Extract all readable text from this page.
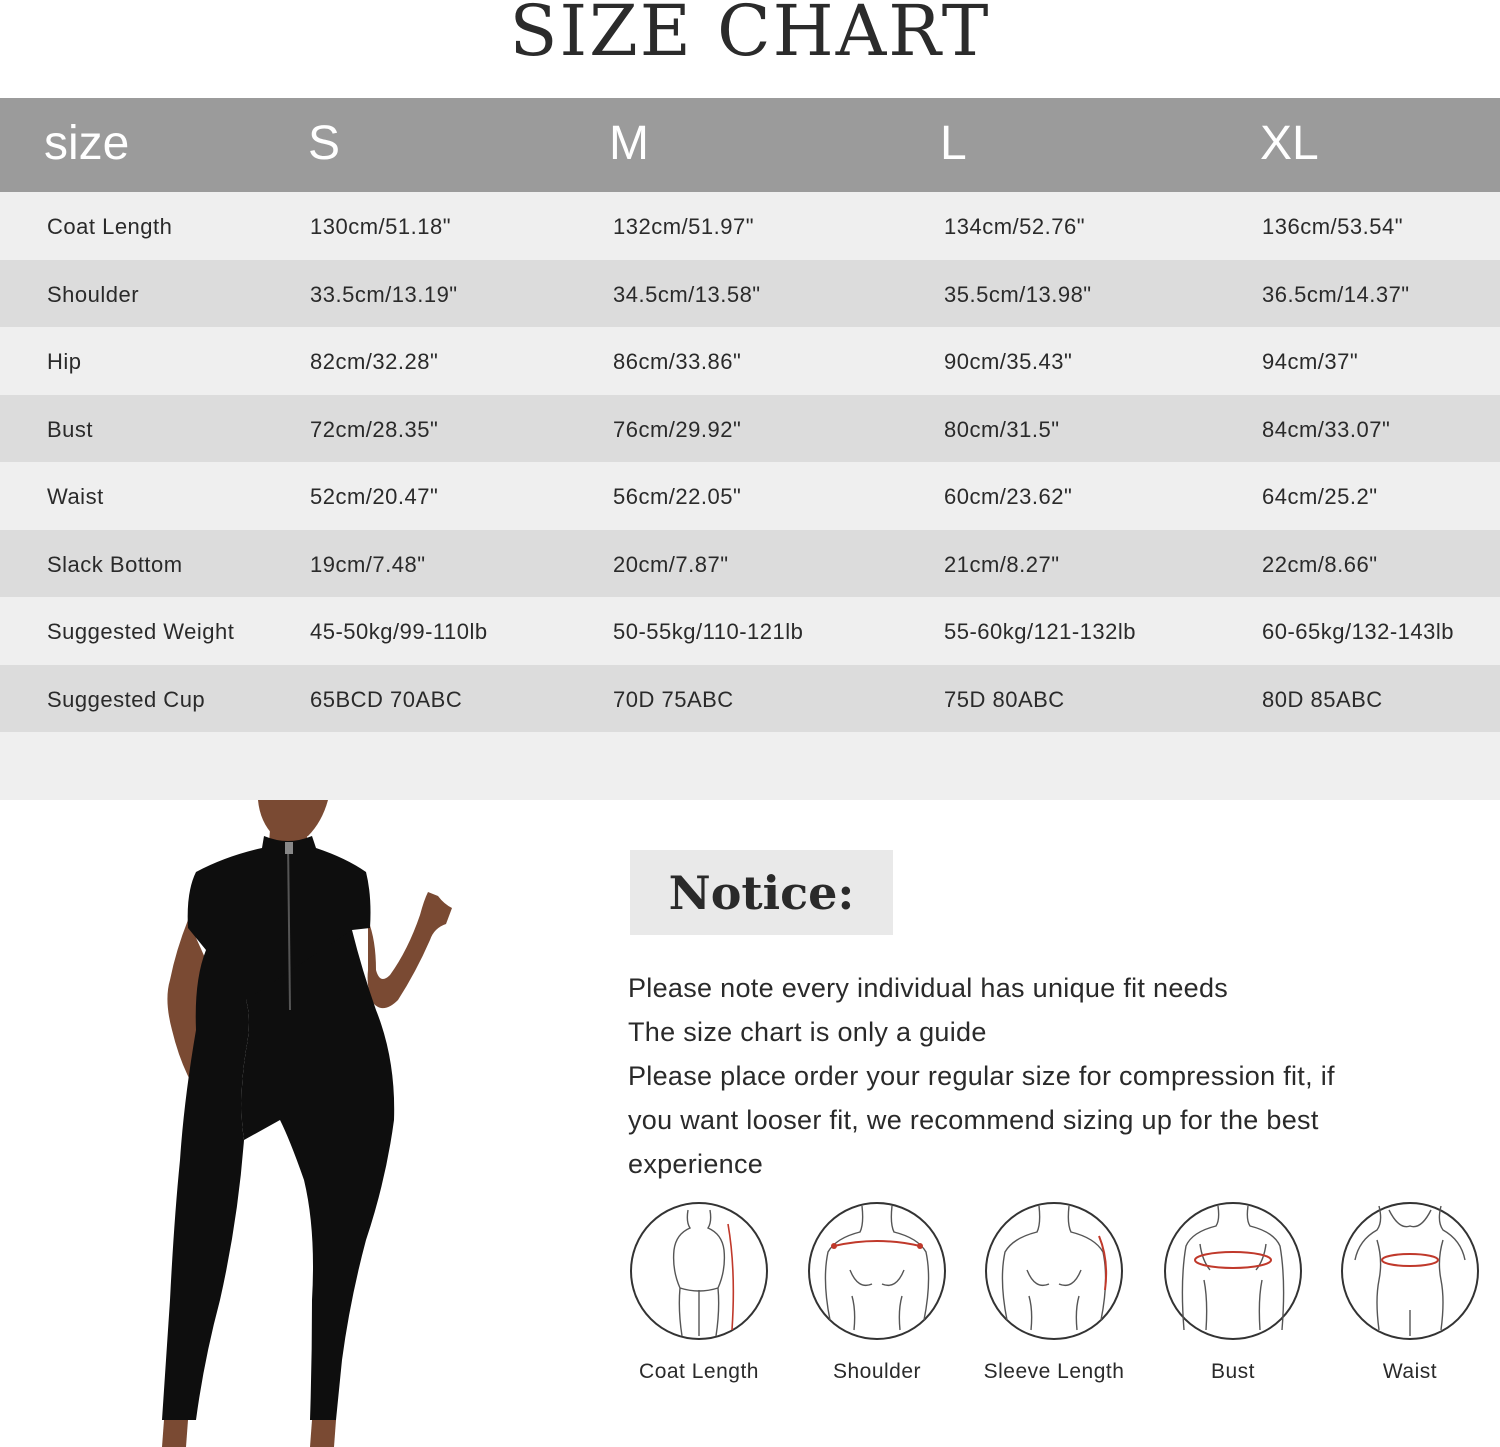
SIZE CHART
size	S	M	L	XL
Coat Length	130cm/51.18"	132cm/51.97"	134cm/52.76"	136cm/53.54"
Shoulder	33.5cm/13.19"	34.5cm/13.58"	35.5cm/13.98"	36.5cm/14.37"
Hip	82cm/32.28"	86cm/33.86"	90cm/35.43"	94cm/37"
Bust	72cm/28.35"	76cm/29.92"	80cm/31.5"	84cm/33.07"
Waist	52cm/20.47"	56cm/22.05"	60cm/23.62"	64cm/25.2"
Slack Bottom	19cm/7.48"	20cm/7.87"	21cm/8.27"	22cm/8.66"
Suggested Weight	45-50kg/99-110lb	50-55kg/110-121lb	55-60kg/121-132lb	60-65kg/132-143lb
Suggested Cup	65BCD 70ABC	70D 75ABC	75D 80ABC	80D 85ABC
Notice:
Please note every individual has unique fit needs
The size chart is only a guide
Please place order your regular size for compression fit, if
you want looser fit, we recommend sizing up for the best
experience
Coat Length	Shoulder	Sleeve Length	Bust	Waist
